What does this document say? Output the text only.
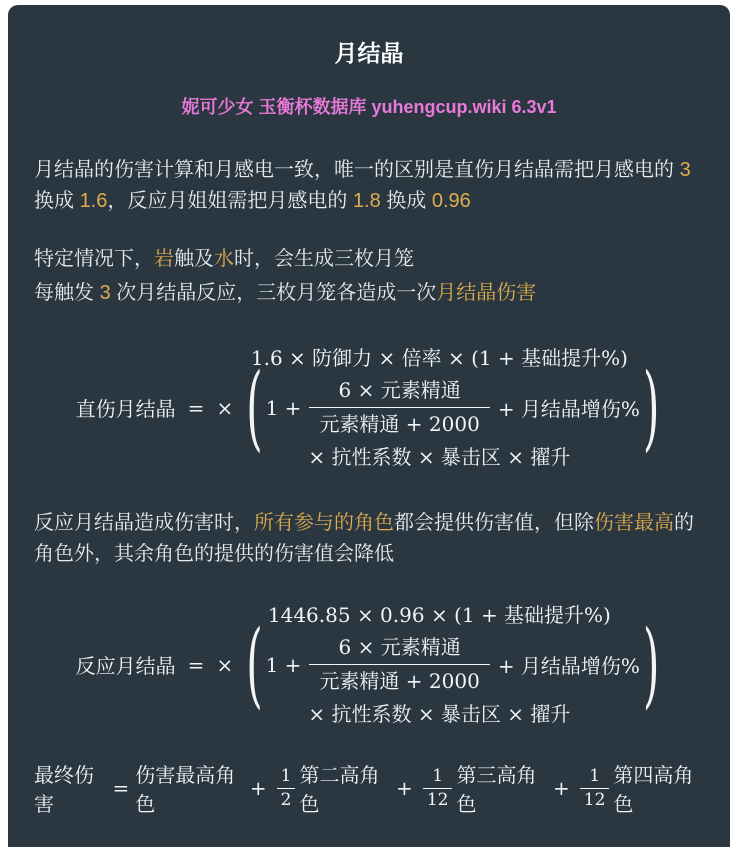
月结晶
妮可少女 玉衡杯数据库 yuhengcup.wiki 6.3v1

月结晶的伤害计算和月感电一致，唯一的区别是直伤月结晶需把月感电的 3 换成 1.6，反应月姐姐需把月感电的 1.8 换成 0.96

特定情况下，岩触及水时，会生成三枚月笼

每触发 3 次月结晶反应，三枚月笼各造成一次月结晶伤害

直伤月结晶 =
1.6 × 防御力 × 倍率 × (1 + 基础提升%)
× ( $1 + \frac{\text{6 × 元素精通}}{\text{元素精通 + 2000}}$ + 月结晶增伤% )
× 抗性系数 × 暴击区 × 擢升

反应月结晶造成伤害时，所有参与的角色都会提供伤害值，但除伤害最高的角色外，其余角色的提供的伤害值会降低

反应月结晶 =
1446.85 × 0.96 × (1 + 基础提升%)
× ( $1 + \frac{\text{6 × 元素精通}}{\text{元素精通 + 2000}}$ + 月结晶增伤% )
× 抗性系数 × 暴击区 × 擢升
最终伤害
=
伤害最高角色
+ $\frac{1}{2}$ 第二高角色
+ $\frac{1}{12}$ 第三高角色
+ $\frac{1}{12}$ 第四高角色
